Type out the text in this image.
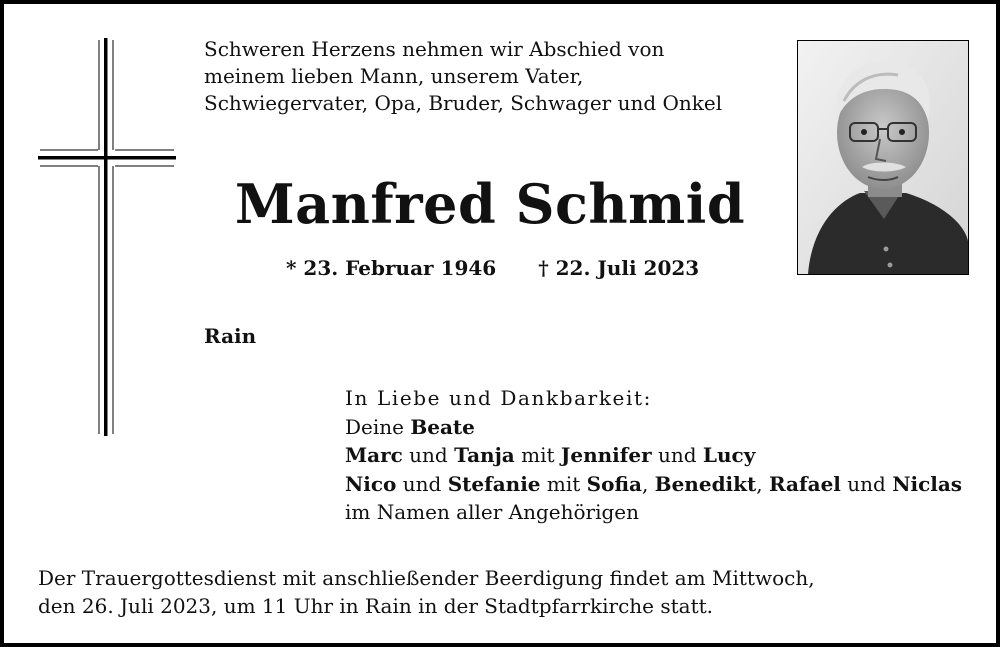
Schweren Herzens nehmen wir Abschied von
meinem lieben Mann, unserem Vater,
Schwiegervater, Opa, Bruder, Schwager und Onkel
Manfred Schmid
* 23. Februar 1946 † 22. Juli 2023
Rain
In Liebe und Dankbarkeit:
Deine Beate
Marc und Tanja mit Jennifer und Lucy
Nico und Stefanie mit Sofia, Benedikt, Rafael und Niclas
im Namen aller Angehörigen
Der Trauergottesdienst mit anschließender Beerdigung findet am Mittwoch,
den 26. Juli 2023, um 11 Uhr in Rain in der Stadtpfarrkirche statt.
